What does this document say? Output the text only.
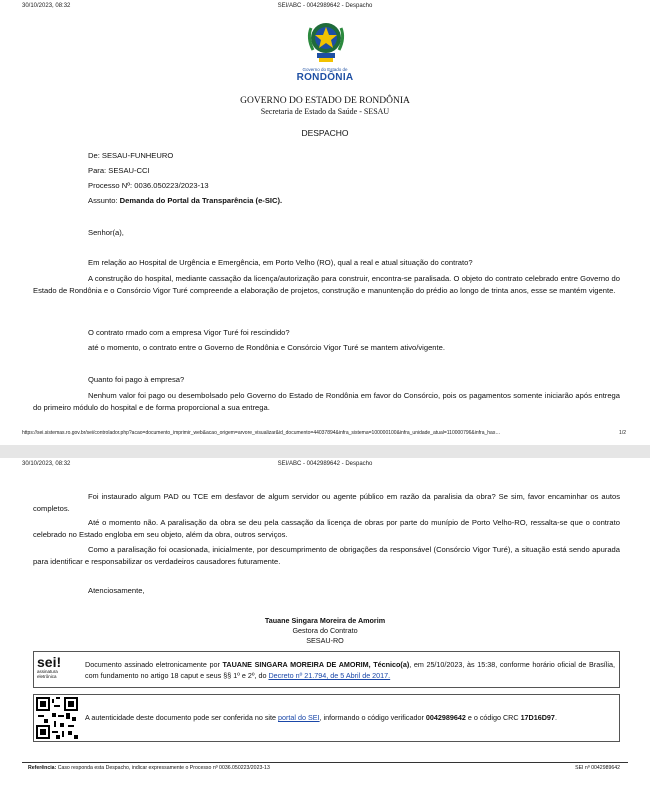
30/10/2023, 08:32	SEI/ABC - 0042989642 - Despacho
Governo do Estado de
RONDÔNIA
GOVERNO DO ESTADO DE RONDÔNIA
Secretaria de Estado da Saúde - SESAU
DESPACHO
De: SESAU-FUNHEURO
Para: SESAU-CCI
Processo Nº: 0036.050223/2023-13
Assunto: Demanda do Portal da Transparência (e-SIC).
Senhor(a),
Em relação ao Hospital de Urgência e Emergência, em Porto Velho (RO), qual a real e atual situação do contrato?
A construção do hospital, mediante cassação da licença/autorização para construir, encontra-se paralisada. O objeto do contrato celebrado entre Governo do Estado de Rondônia e o Consórcio Vigor Turé compreende a elaboração de projetos, construção e manuntenção do prédio ao longo de trinta anos, esse se mantém vigente.
O contrato rmado com a empresa Vigor Turé foi rescindido?
até o momento, o contrato entre o Governo de Rondônia e Consórcio Vigor Turé se mantem ativo/vigente.
Quanto foi pago à empresa?
Nenhum valor foi pago ou desembolsado pelo Governo do Estado de Rondônia em favor do Consórcio, pois os pagamentos somente iniciarão após entrega do primeiro módulo do hospital e de forma proporcional a sua entrega.
https://sei.sistemas.ro.gov.br/sei/controlador.php?acao=documento_imprimir_web&acao_origem=arvore_visualizar&id_documento=44037894&infra_sistema=100000100&infra_unidade_atual=110000796&infra_has…	1/2
30/10/2023, 08:32	SEI/ABC - 0042989642 - Despacho
Foi instaurado algum PAD ou TCE em desfavor de algum servidor ou agente público em razão da paralisia da obra? Se sim, favor encaminhar os autos completos.
Até o momento não. A paralisação da obra se deu pela cassação da licença de obras por parte do munípio de Porto Velho-RO, ressalta-se que o contrato celebrado no Estado engloba em seu objeto, além da obra, outros serviços.
Como a paralisação foi ocasionada, inicialmente, por descumprimento de obrigações da responsável (Consórcio Vigor Turé), a situação está sendo apurada para identificar e responsabilizar os verdadeiros causadores futuramente.
Atenciosamente,
Tauane Singara Moreira de Amorim
Gestora do Contrato
SESAU-RO
sei!
assinatura
eletrônica
Documento assinado eletronicamente por TAUANE SINGARA MOREIRA DE AMORIM, Técnico(a), em 25/10/2023, às 15:38, conforme horário oficial de Brasília, com fundamento no artigo 18 caput e seus §§ 1º e 2º, do Decreto nº 21.794, de 5 Abril de 2017.
A autenticidade deste documento pode ser conferida no site portal do SEI, informando o código verificador 0042989642 e o código CRC 17D16D97.
Referência: Caso responda esta Despacho, indicar expressamente o Processo nº 0036.050223/2023-13	SEI nº 0042989642
